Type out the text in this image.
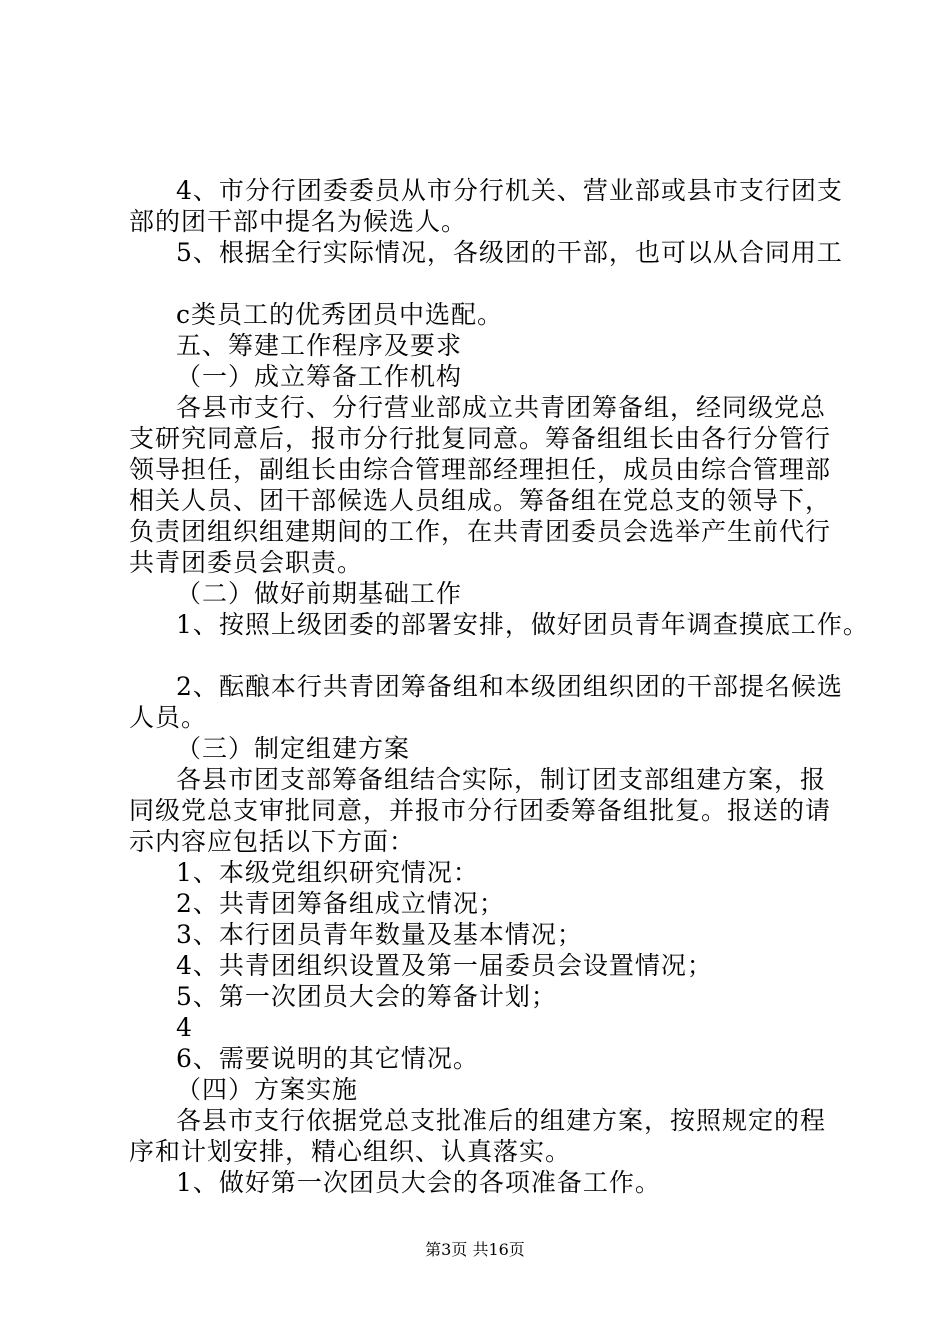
4、市分行团委委员从市分行机关、营业部或县市支行团支
部的团干部中提名为候选人。
5、根据全行实际情况，各级团的干部，也可以从合同用工
c类员工的优秀团员中选配。
五、筹建工作程序及要求
（一）成立筹备工作机构
各县市支行、分行营业部成立共青团筹备组，经同级党总
支研究同意后，报市分行批复同意。筹备组组长由各行分管行
领导担任，副组长由综合管理部经理担任，成员由综合管理部
相关人员、团干部候选人员组成。筹备组在党总支的领导下，
负责团组织组建期间的工作，在共青团委员会选举产生前代行
共青团委员会职责。
（二）做好前期基础工作
1、按照上级团委的部署安排，做好团员青年调查摸底工作。
2、酝酿本行共青团筹备组和本级团组织团的干部提名候选
人员。
（三）制定组建方案
各县市团支部筹备组结合实际，制订团支部组建方案，报
同级党总支审批同意，并报市分行团委筹备组批复。报送的请
示内容应包括以下方面：
1、本级党组织研究情况：
2、共青团筹备组成立情况；
3、本行团员青年数量及基本情况；
4、共青团组织设置及第一届委员会设置情况；
5、第一次团员大会的筹备计划；
4
6、需要说明的其它情况。
（四）方案实施
各县市支行依据党总支批准后的组建方案，按照规定的程
序和计划安排，精心组织、认真落实。
1、做好第一次团员大会的各项准备工作。
第3页 共16页
